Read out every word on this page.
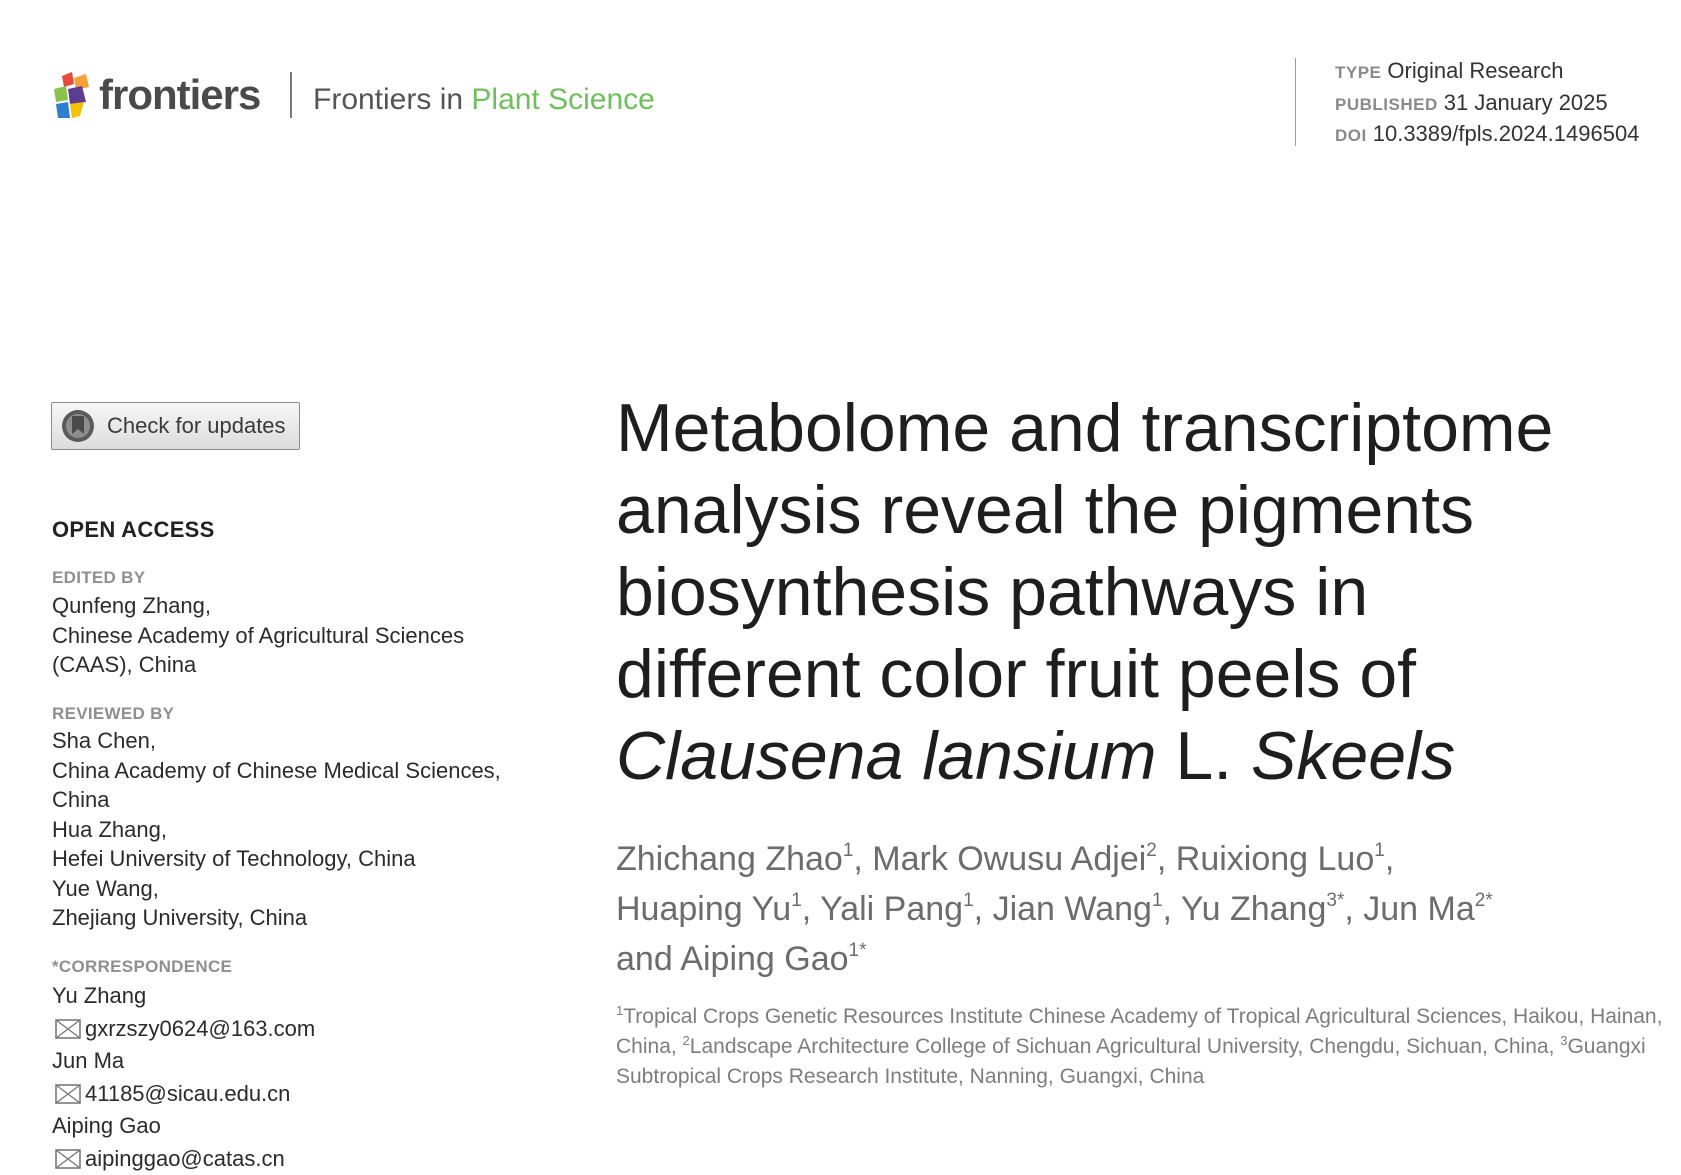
frontiers Frontiers in Plant Science
TYPE Original Research
PUBLISHED 31 January 2025
DOI 10.3389/fpls.2024.1496504
Check for updates
OPEN ACCESS
EDITED BY
Qunfeng Zhang,
Chinese Academy of Agricultural Sciences
(CAAS), China
REVIEWED BY
Sha Chen,
China Academy of Chinese Medical Sciences,
China
Hua Zhang,
Hefei University of Technology, China
Yue Wang,
Zhejiang University, China
*CORRESPONDENCE
Yu Zhang
gxrzszy0624@163.com
Jun Ma
41185@sicau.edu.cn
Aiping Gao
aipinggao@catas.cn
Metabolome and transcriptome
analysis reveal the pigments
biosynthesis pathways in
different color fruit peels of
Clausena lansium L. Skeels
Zhichang Zhao$^1$, Mark Owusu Adjei$^2$, Ruixiong Luo$^1$,
Huaping Yu$^1$, Yali Pang$^1$, Jian Wang$^1$, Yu Zhang$^{3*}$, Jun $Ma^{2*}$
and Aiping Gao$^{1*}$
$^1$Tropical Crops Genetic Resources Institute Chinese Academy of Tropical Agricultural Sciences, Haikou, Hainan, China, $^2$Landscape Architecture College of Sichuan Agricultural University, Chengdu, Sichuan, China, $^3$Guangxi Subtropical Crops Research Institute, Nanning, Guangxi, China
